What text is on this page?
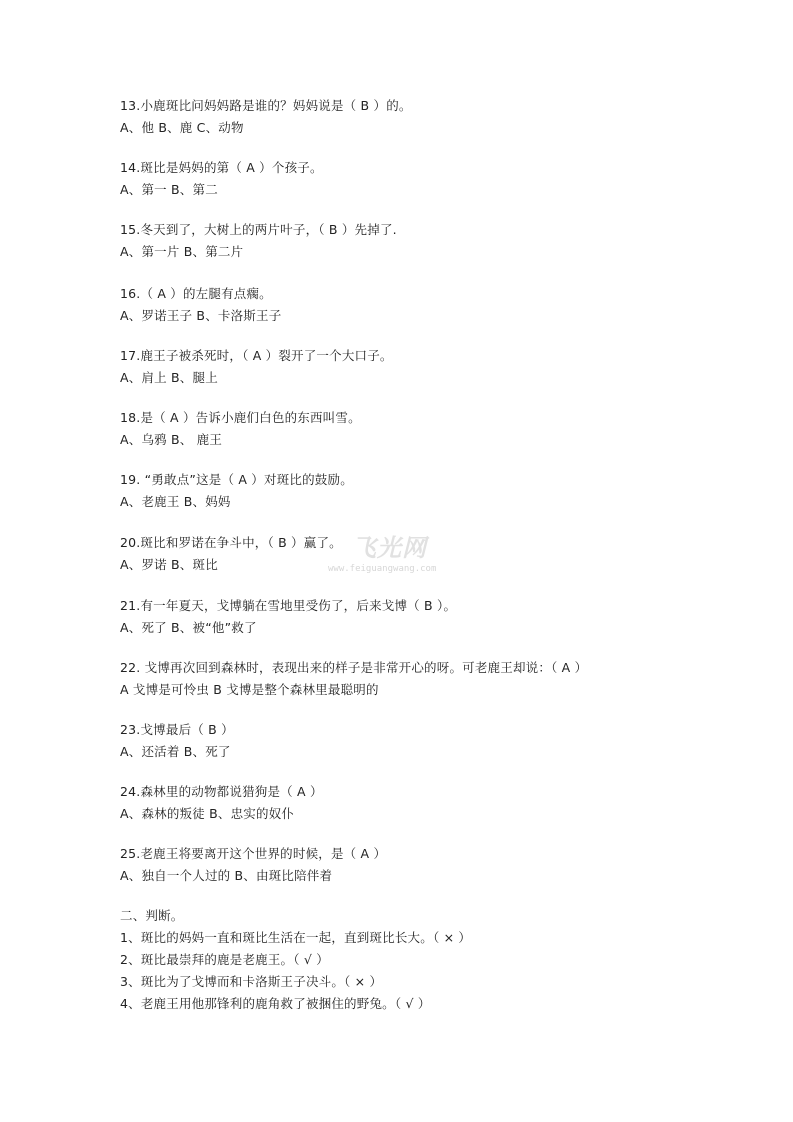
13.小鹿斑比问妈妈路是谁的？妈妈说是（ B ）的。
A、他 B、鹿 C、动物
14.斑比是妈妈的第（ A ）个孩子。
A、第一 B、第二
15.冬天到了，大树上的两片叶子，（ B ）先掉了.
A、第一片 B、第二片
16.（ A ）的左腿有点瘸。
A、罗诺王子 B、卡洛斯王子
17.鹿王子被杀死时，（ A ）裂开了一个大口子。
A、肩上 B、腿上
18.是（ A ）告诉小鹿们白色的东西叫雪。
A、乌鸦 B、 鹿王
19. “勇敢点”这是（ A ）对斑比的鼓励。
A、老鹿王 B、妈妈
20.斑比和罗诺在争斗中，（ B ）赢了。
A、罗诺 B、斑比
21.有一年夏天，戈博躺在雪地里受伤了，后来戈博（ B ）。
A、死了 B、被“他”救了
22. 戈博再次回到森林时，表现出来的样子是非常开心的呀。可老鹿王却说：（ A ）
A 戈博是可怜虫 B 戈博是整个森林里最聪明的
23.戈博最后（ B ）
A、还活着 B、死了
24.森林里的动物都说猎狗是（ A ）
A、森林的叛徒 B、忠实的奴仆
25.老鹿王将要离开这个世界的时候，是（ A ）
A、独自一个人过的 B、由斑比陪伴着
二、判断。
1、斑比的妈妈一直和斑比生活在一起，直到斑比长大。（ × ）
2、斑比最崇拜的鹿是老鹿王。（ √ ）
3、斑比为了戈博而和卡洛斯王子决斗。（ × ）
4、老鹿王用他那锋利的鹿角救了被捆住的野兔。（ √ ）
飞光网
www.feiguangwang.com
